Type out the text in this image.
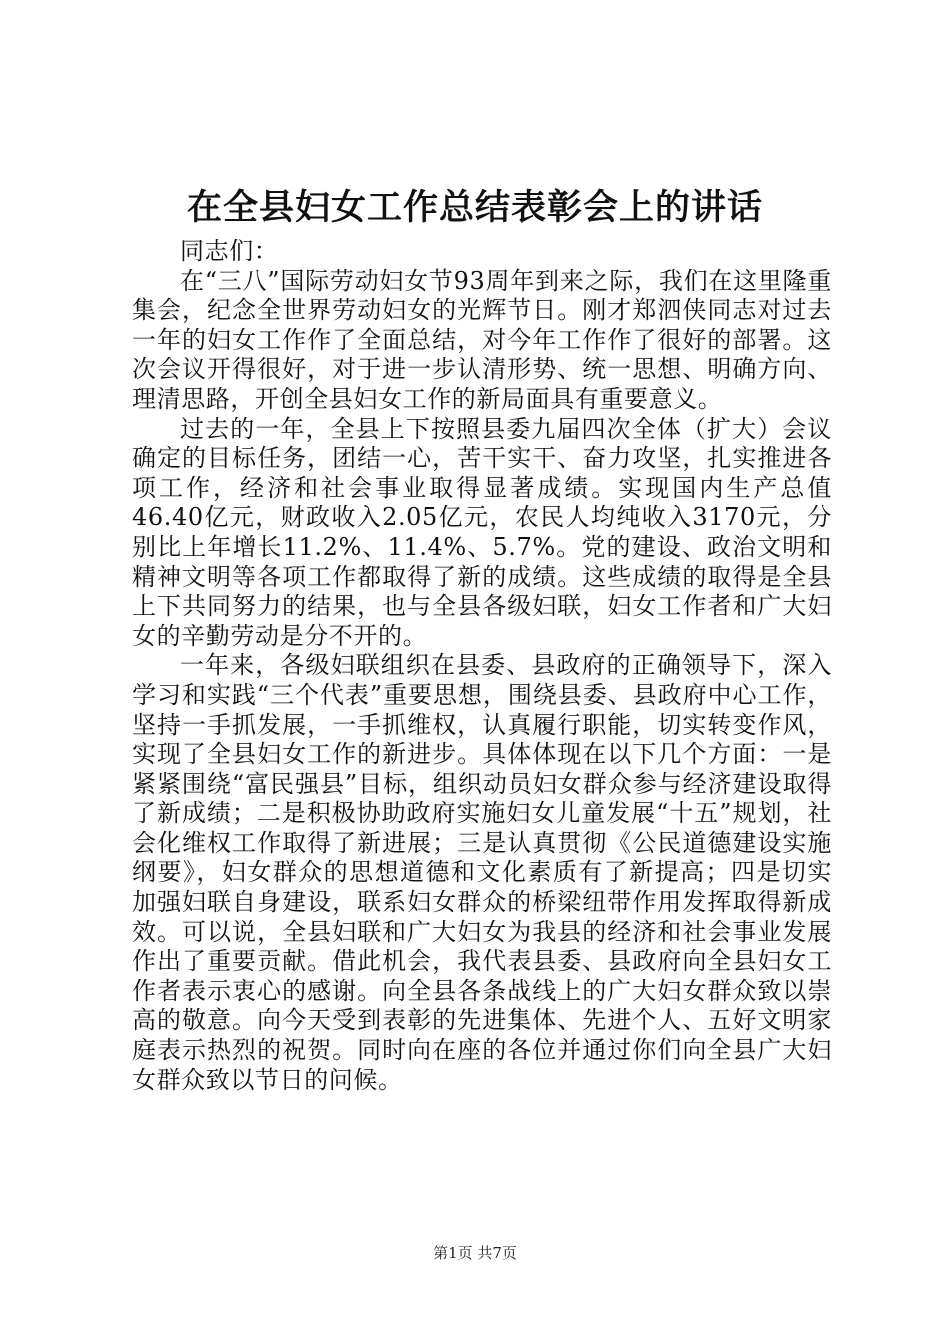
在全县妇女工作总结表彰会上的讲话

同志们：

在“三八”国际劳动妇女节93周年到来之际，我们在这里隆重集会，纪念全世界劳动妇女的光辉节日。刚才郑泗侠同志对过去一年的妇女工作作了全面总结，对今年工作作了很好的部署。这次会议开得很好，对于进一步认清形势、统一思想、明确方向、理清思路，开创全县妇女工作的新局面具有重要意义。

过去的一年，全县上下按照县委九届四次全体（扩大）会议确定的目标任务，团结一心，苦干实干、奋力攻坚，扎实推进各项工作，经济和社会事业取得显著成绩。实现国内生产总值46.40亿元，财政收入2.05亿元，农民人均纯收入3170元，分别比上年增长11.2%、11.4%、5.7%。党的建设、政治文明和精神文明等各项工作都取得了新的成绩。这些成绩的取得是全县上下共同努力的结果，也与全县各级妇联，妇女工作者和广大妇女的辛勤劳动是分不开的。

一年来，各级妇联组织在县委、县政府的正确领导下，深入学习和实践“三个代表”重要思想，围绕县委、县政府中心工作，坚持一手抓发展，一手抓维权，认真履行职能，切实转变作风，实现了全县妇女工作的新进步。具体体现在以下几个方面：一是紧紧围绕“富民强县”目标，组织动员妇女群众参与经济建设取得了新成绩；二是积极协助政府实施妇女儿童发展“十五”规划，社会化维权工作取得了新进展；三是认真贯彻《公民道德建设实施纲要》，妇女群众的思想道德和文化素质有了新提高；四是切实加强妇联自身建设，联系妇女群众的桥梁纽带作用发挥取得新成效。可以说，全县妇联和广大妇女为我县的经济和社会事业发展作出了重要贡献。借此机会，我代表县委、县政府向全县妇女工作者表示衷心的感谢。向全县各条战线上的广大妇女群众致以崇高的敬意。向今天受到表彰的先进集体、先进个人、五好文明家庭表示热烈的祝贺。同时向在座的各位并通过你们向全县广大妇女群众致以节日的问候。

第1页 共7页
